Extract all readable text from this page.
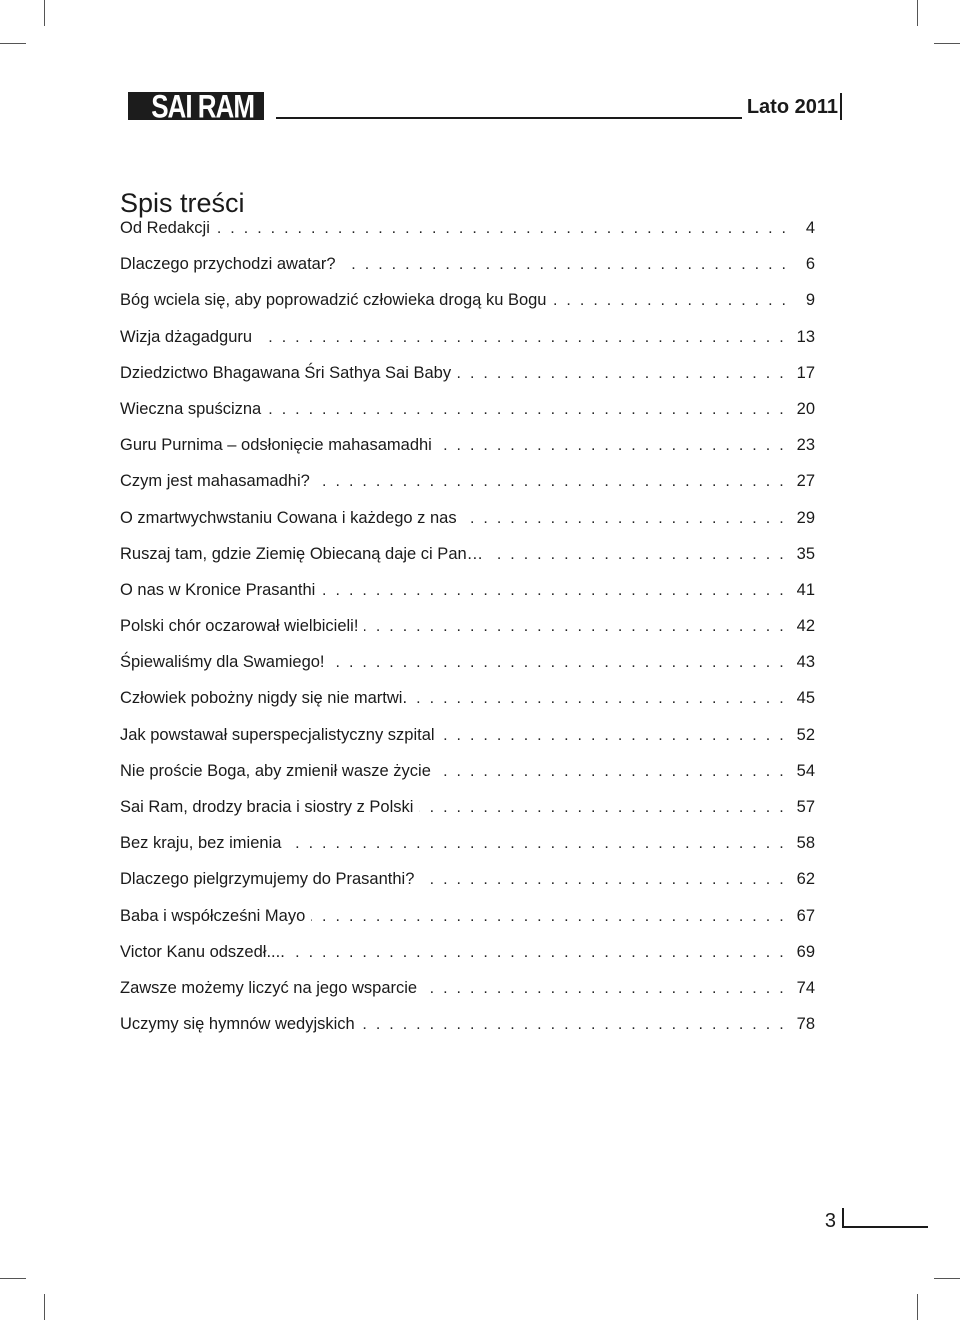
SAI RAM	Lato 2011
Spis treści
Od Redakcji .....	4
Dlaczego przychodzi awatar? .....	6
Bóg wciela się, aby poprowadzić człowieka drogą ku Bogu .....	9
Wizja dżagadguru .....	13
Dziedzictwo Bhagawana Śri Sathya Sai Baby .....	17
Wieczna spuścizna .....	20
Guru Purnima – odsłonięcie mahasamadhi .....	23
Czym jest mahasamadhi? .....	27
O zmartwychwstaniu Cowana i każdego z nas .....	29
Ruszaj tam, gdzie Ziemię Obiecaną daje ci Pan… .....	35
O nas w Kronice Prasanthi .....	41
Polski chór oczarował wielbicieli! .....	42
Śpiewaliśmy dla Swamiego! .....	43
Człowiek pobożny nigdy się nie martwi. .....	45
Jak powstawał superspecjalistyczny szpital .....	52
Nie proście Boga, aby zmienił wasze życie .....	54
Sai Ram, drodzy bracia i siostry z Polski .....	57
Bez kraju, bez imienia .....	58
Dlaczego pielgrzymujemy do Prasanthi? .....	62
Baba i współcześni Mayo .....	67
Victor Kanu odszedł.... .....	69
Zawsze możemy liczyć na jego wsparcie .....	74
Uczymy się hymnów wedyjskich .....	78
3
